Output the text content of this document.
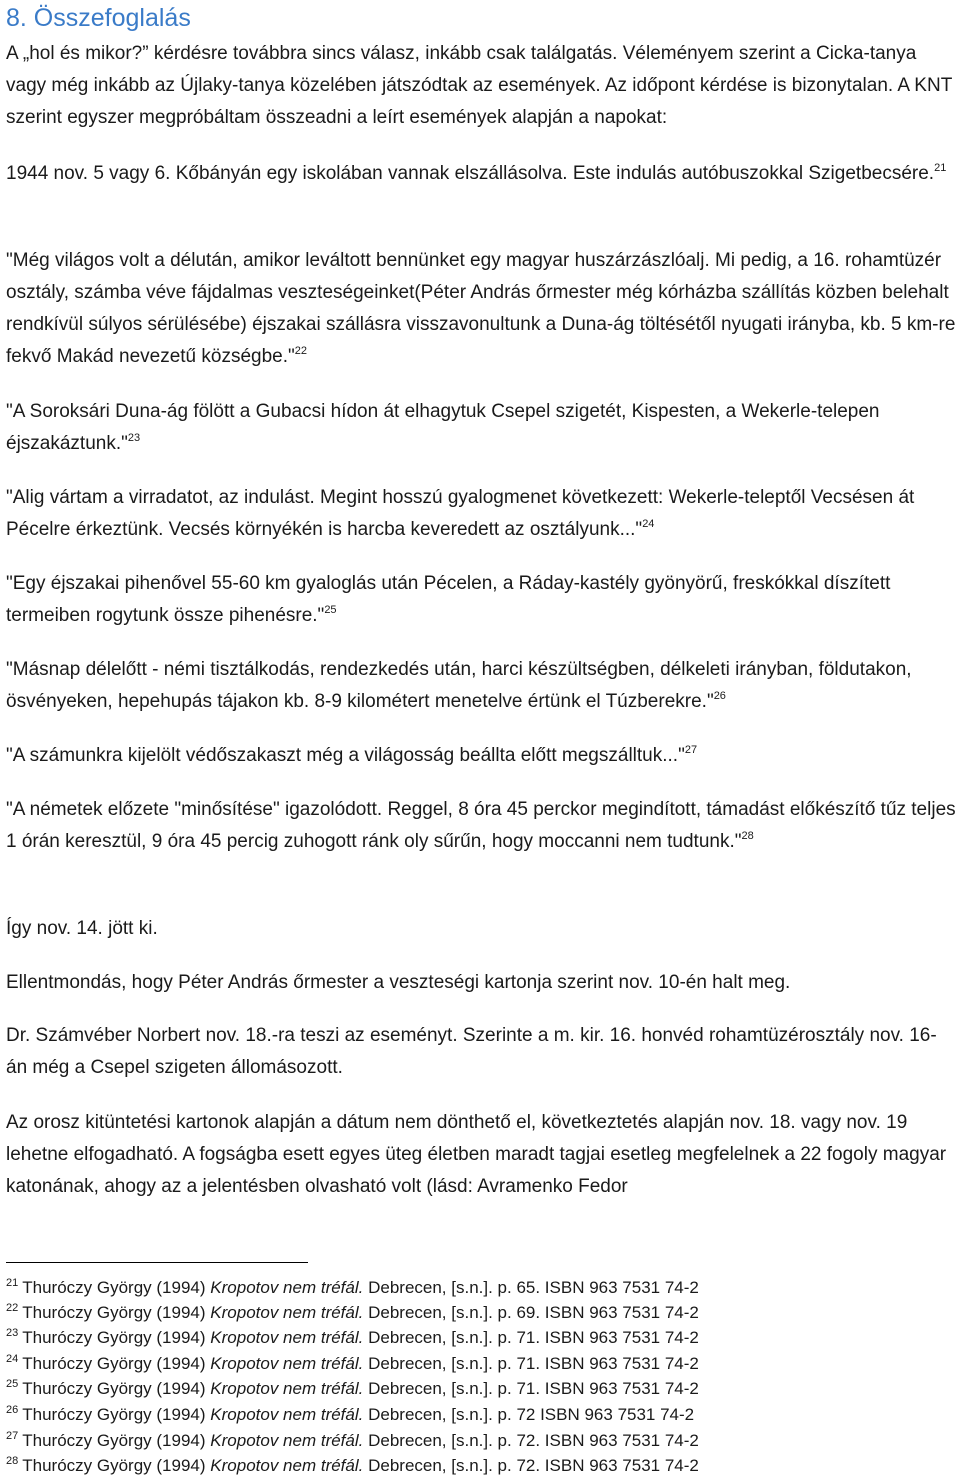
8. Összefoglalás

A „hol és mikor?” kérdésre továbbra sincs válasz, inkább csak találgatás. Véleményem szerint a Cicka-tanya vagy még inkább az Újlaky-tanya közelében játszódtak az események. Az időpont kérdése is bizonytalan. A KNT szerint egyszer megpróbáltam összeadni a leírt események alapján a napokat:

1944 nov. 5 vagy 6. Kőbányán egy iskolában vannak elszállásolva. Este indulás autóbuszokkal Szigetbecsére.$^{21}$

"Még világos volt a délután, amikor leváltott bennünket egy magyar huszárzászlóalj. Mi pedig, a 16. rohamtüzér osztály, számba véve fájdalmas veszteségeinket(Péter András őrmester még kórházba szállítás közben belehalt rendkívül súlyos sérülésébe) éjszakai szállásra visszavonultunk a Duna-ág töltésétől nyugati irányba, kb. 5 km-re fekvő Makád nevezetű községbe."$^{22}$

"A Soroksári Duna-ág fölött a Gubacsi hídon át elhagytuk Csepel szigetét, Kispesten, a Wekerle-telepen éjszakáztunk."$^{23}$

"Alig vártam a virradatot, az indulást. Megint hosszú gyalogmenet következett: Wekerle-teleptől Vecsésen át Pécelre érkeztünk. Vecsés környékén is harcba keveredett az osztályunk..."$^{24}$

"Egy éjszakai pihenővel 55-60 km gyaloglás után Pécelen, a Ráday-kastély gyönyörű, freskókkal díszített termeiben rogytunk össze pihenésre."$^{25}$

"Másnap délelőtt - némi tisztálkodás, rendezkedés után, harci készültségben, délkeleti irányban, földutakon, ösvényeken, hepehupás tájakon kb. 8-9 kilométert menetelve értünk el Túzberekre."$^{26}$

"A számunkra kijelölt védőszakaszt még a világosság beállta előtt megszálltuk..."$^{27}$

"A németek előzete "minősítése" igazolódott. Reggel, 8 óra 45 perckor megindított, támadást előkészítő tűz teljes 1 órán keresztül, 9 óra 45 percig zuhogott ránk oly sűrűn, hogy moccanni nem tudtunk."$^{28}$

Így nov. 14. jött ki.

Ellentmondás, hogy Péter András őrmester a veszteségi kartonja szerint nov. 10-én halt meg.

Dr. Számvéber Norbert nov. 18.-ra teszi az eseményt. Szerinte a m. kir. 16. honvéd rohamtüzérosztály nov. 16-án még a Csepel szigeten állomásozott.

Az orosz kitüntetési kartonok alapján a dátum nem dönthető el, következtetés alapján nov. 18. vagy nov. 19 lehetne elfogadható. A fogságba esett egyes üteg életben maradt tagjai esetleg megfelelnek a 22 fogoly magyar katonának, ahogy az a jelentésben olvasható volt (lásd: Avramenko Fedor

$^{21}$ Thuróczy György (1994) Kropotov nem tréfál. Debrecen, [s.n.]. p. 65. ISBN 963 7531 74-2
$^{22}$ Thuróczy György (1994) Kropotov nem tréfál. Debrecen, [s.n.]. p. 69. ISBN 963 7531 74-2
$^{23}$ Thuróczy György (1994) Kropotov nem tréfál. Debrecen, [s.n.]. p. 71. ISBN 963 7531 74-2
$^{24}$ Thuróczy György (1994) Kropotov nem tréfál. Debrecen, [s.n.]. p. 71. ISBN 963 7531 74-2
$^{25}$ Thuróczy György (1994) Kropotov nem tréfál. Debrecen, [s.n.]. p. 71. ISBN 963 7531 74-2
$^{26}$ Thuróczy György (1994) Kropotov nem tréfál. Debrecen, [s.n.]. p. 72 ISBN 963 7531 74-2
$^{27}$ Thuróczy György (1994) Kropotov nem tréfál. Debrecen, [s.n.]. p. 72. ISBN 963 7531 74-2
$^{28}$ Thuróczy György (1994) Kropotov nem tréfál. Debrecen, [s.n.]. p. 72. ISBN 963 7531 74-2
